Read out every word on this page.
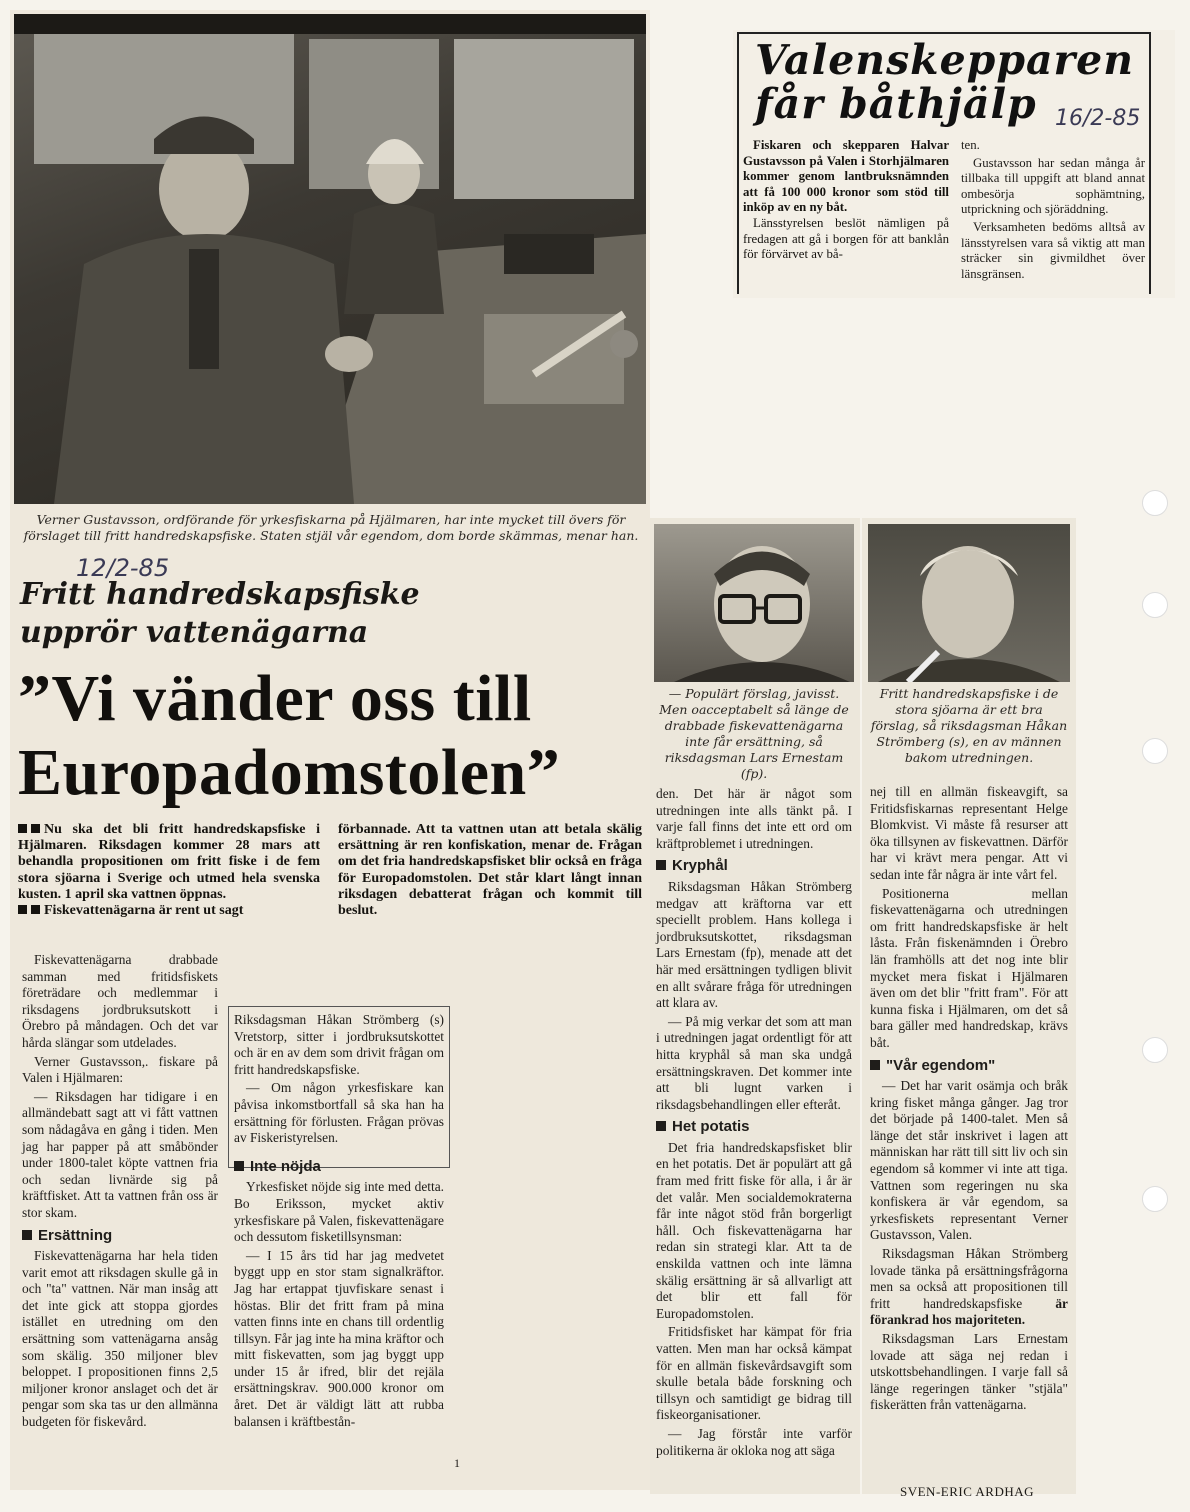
Valenskepparen
får båthjälp 16/2-85

Fiskaren och skepparen Halvar Gustavsson på Valen i Storhjälmaren kommer genom lantbruksnämnden att få 100 000 kronor som stöd till inköp av en ny båt.

Länsstyrelsen beslöt nämligen på fredagen att gå i borgen för att banklån för förvärvet av bå-

ten.

Gustavsson har sedan många år tillbaka till uppgift att bland annat ombesörja sophämtning, utprickning och sjöräddning.

Verksamheten bedöms alltså av länsstyrelsen vara så viktig att man sträcker sin givmildhet över länsgränsen.

Verner Gustavsson, ordförande för yrkesfiskarna på Hjälmaren, har inte mycket till övers för förslaget till fritt handredskapsfiske. Staten stjäl vår egendom, dom borde skämmas, menar han.
12/2-85
Fritt handredskapsfiske
upprör vattenägarna
”Vi vänder oss till
Europadomstolen”

Nu ska det bli fritt handredskapsfiske i Hjälmaren. Riksdagen kommer 28 mars att behandla propositionen om fritt fiske i de fem stora sjöarna i Sverige och utmed hela svenska kusten. 1 april ska vattnen öppnas.

Fiskevattenägarna är rent ut sagt

förbannade. Att ta vattnen utan att betala skälig ersättning är ren konfiskation, menar de. Frågan om det fria handredskapsfisket blir också en fråga för Europadomstolen. Det står klart långt innan riksdagen debatterat frågan och kommit till beslut.

Fiskevattenägarna drabbade samman med fritidsfiskets företrädare och medlemmar i riksdagens jordbruksutskott i Örebro på måndagen. Och det var hårda slängar som utdelades.

Verner Gustavsson,. fiskare på Valen i Hjälmaren:

— Riksdagen har tidigare i en allmändebatt sagt att vi fått vattnen som nådagåva en gång i tiden. Men jag har papper på att småbönder under 1800-talet köpte vattnen fria och sedan livnärde sig på kräftfisket. Att ta vattnen från oss är stor skam.

Ersättning

Fiskevattenägarna har hela tiden varit emot att riksdagen skulle gå in och "ta" vattnen. När man insåg att det inte gick att stoppa gjordes istället en utredning om den ersättning som vattenägarna ansåg som skälig. 350 miljoner blev beloppet. I propositionen finns 2,5 miljoner kronor anslaget och det är pengar som ska tas ur den allmänna budgeten för fiskevård.

Riksdagsman Håkan Strömberg (s) Vretstorp, sitter i jordbruksutskottet och är en av dem som drivit frågan om fritt handredskapsfiske.

— Om någon yrkesfiskare kan påvisa inkomstbortfall så ska han ha ersättning för förlusten. Frågan prövas av Fiskeristyrelsen.

Inte nöjda

Yrkesfisket nöjde sig inte med detta. Bo Eriksson, mycket aktiv yrkesfiskare på Valen, fiskevattenägare och dessutom fisketillsynsman:

— I 15 års tid har jag medvetet byggt upp en stor stam signalkräftor. Jag har ertappat tjuvfiskare senast i höstas. Blir det fritt fram på mina vatten finns inte en chans till ordentlig tillsyn. Får jag inte ha mina kräftor och mitt fiskevatten, som jag byggt upp under 15 år ifred, blir det rejäla ersättningskrav. 900.000 kronor om året. Det är väldigt lätt att rubba balansen i kräftbestån-

1
— Populärt förslag, javisst. Men oacceptabelt så länge de drabbade fiskevattenägarna inte får ersättning, så riksdagsman Lars Ernestam (fp).

den. Det här är något som utredningen inte alls tänkt på. I varje fall finns det inte ett ord om kräftproblemet i utredningen.

Kryphål

Riksdagsman Håkan Strömberg medgav att kräftorna var ett speciellt problem. Hans kollega i jordbruksutskottet, riksdagsman Lars Ernestam (fp), menade att det här med ersättningen tydligen blivit en allt svårare fråga för utredningen att klara av.

— På mig verkar det som att man i utredningen jagat ordentligt för att hitta kryphål så man ska undgå ersättningskraven. Det kommer inte att bli lugnt varken i riksdagsbehandlingen eller efteråt.

Het potatis

Det fria handredskapsfisket blir en het potatis. Det är populärt att gå fram med fritt fiske för alla, i år är det valår. Men socialdemokraterna får inte något stöd från borgerligt håll. Och fiskevattenägarna har redan sin strategi klar. Att ta de enskilda vattnen och inte lämna skälig ersättning är så allvarligt att det blir ett fall för Europadomstolen.

Fritidsfisket har kämpat för fria vatten. Men man har också kämpat för en allmän fiskevårdsavgift som skulle betala både forskning och tillsyn och samtidigt ge bidrag till fiskeorganisationer.

— Jag förstår inte varför politikerna är okloka nog att säga

Fritt handredskapsfiske i de stora sjöarna är ett bra förslag, så riksdagsman Håkan Strömberg (s), en av männen bakom utredningen.

nej till en allmän fiskeavgift, sa Fritidsfiskarnas representant Helge Blomkvist. Vi måste få resurser att öka tillsynen av fiskevattnen. Därför har vi krävt mera pengar. Att vi sedan inte får några är inte vårt fel.

Positionerna mellan fiskevattenägarna och utredningen om fritt handredskapsfiske är helt låsta. Från fiskenämnden i Örebro län framhölls att det nog inte blir mycket mera fiskat i Hjälmaren även om det blir "fritt fram". För att kunna fiska i Hjälmaren, om det så bara gäller med handredskap, krävs båt.

"Vår egendom"

— Det har varit osämja och bråk kring fisket många gånger. Jag tror det började på 1400-talet. Men så länge det står inskrivet i lagen att människan har rätt till sitt liv och sin egendom så kommer vi inte att tiga. Vattnen som regeringen nu ska konfiskera är vår egendom, sa yrkesfiskets representant Verner Gustavsson, Valen.

Riksdagsman Håkan Strömberg lovade tänka på ersättningsfrågorna men sa också att propositionen till fritt handredskapsfiske är förankrad hos majoriteten.

Riksdagsman Lars Ernestam lovade att säga nej redan i utskottsbehandlingen. I varje fall så länge regeringen tänker "stjäla" fiskerätten från vattenägarna.

SVEN-ERIC ARDHAG
